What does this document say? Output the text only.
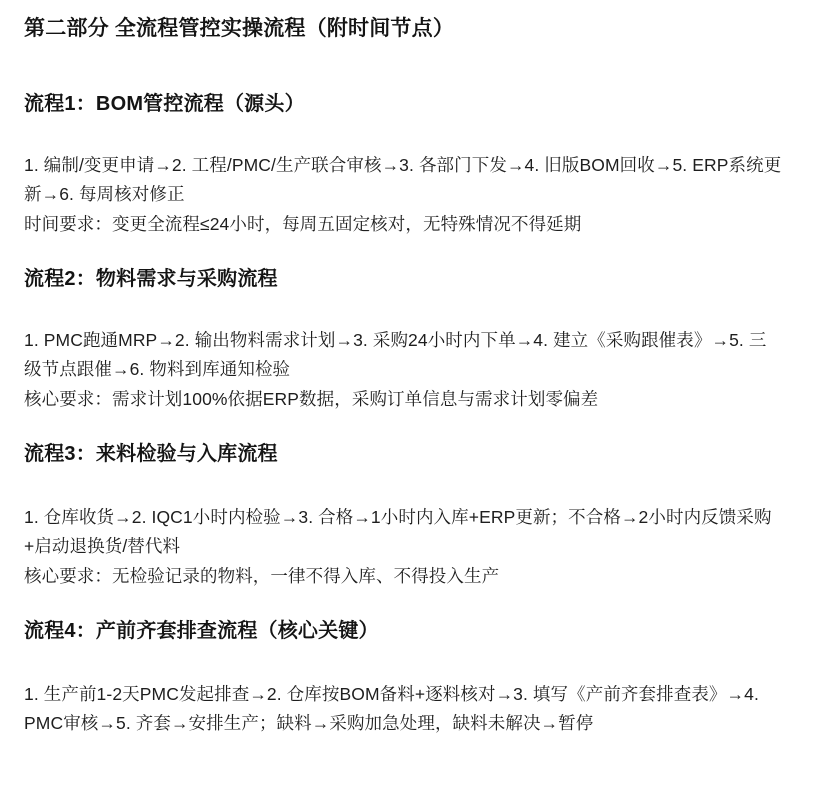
第二部分 全流程管控实操流程（附时间节点）
流程1：BOM管控流程（源头）

1. 编制/变更申请→2. 工程/PMC/生产联合审核→3. 各部门下发→4. 旧版BOM回收→5. ERP系统更新→6. 每周核对修正

时间要求：变更全流程≤24小时，每周五固定核对，无特殊情况不得延期

流程2：物料需求与采购流程

1. PMC跑通MRP→2. 输出物料需求计划→3. 采购24小时内下单→4. 建立《采购跟催表》→5. 三级节点跟催→6. 物料到库通知检验

核心要求：需求计划100%依据ERP数据，采购订单信息与需求计划零偏差

流程3：来料检验与入库流程

1. 仓库收货→2. IQC1小时内检验→3. 合格→1小时内入库+ERP更新；不合格→2小时内反馈采购+启动退换货/替代料

核心要求：无检验记录的物料，一律不得入库、不得投入生产

流程4：产前齐套排查流程（核心关键）

1. 生产前1-2天PMC发起排查→2. 仓库按BOM备料+逐料核对→3. 填写《产前齐套排查表》→4. PMC审核→5. 齐套→安排生产；缺料→采购加急处理，缺料未解决→暂停
